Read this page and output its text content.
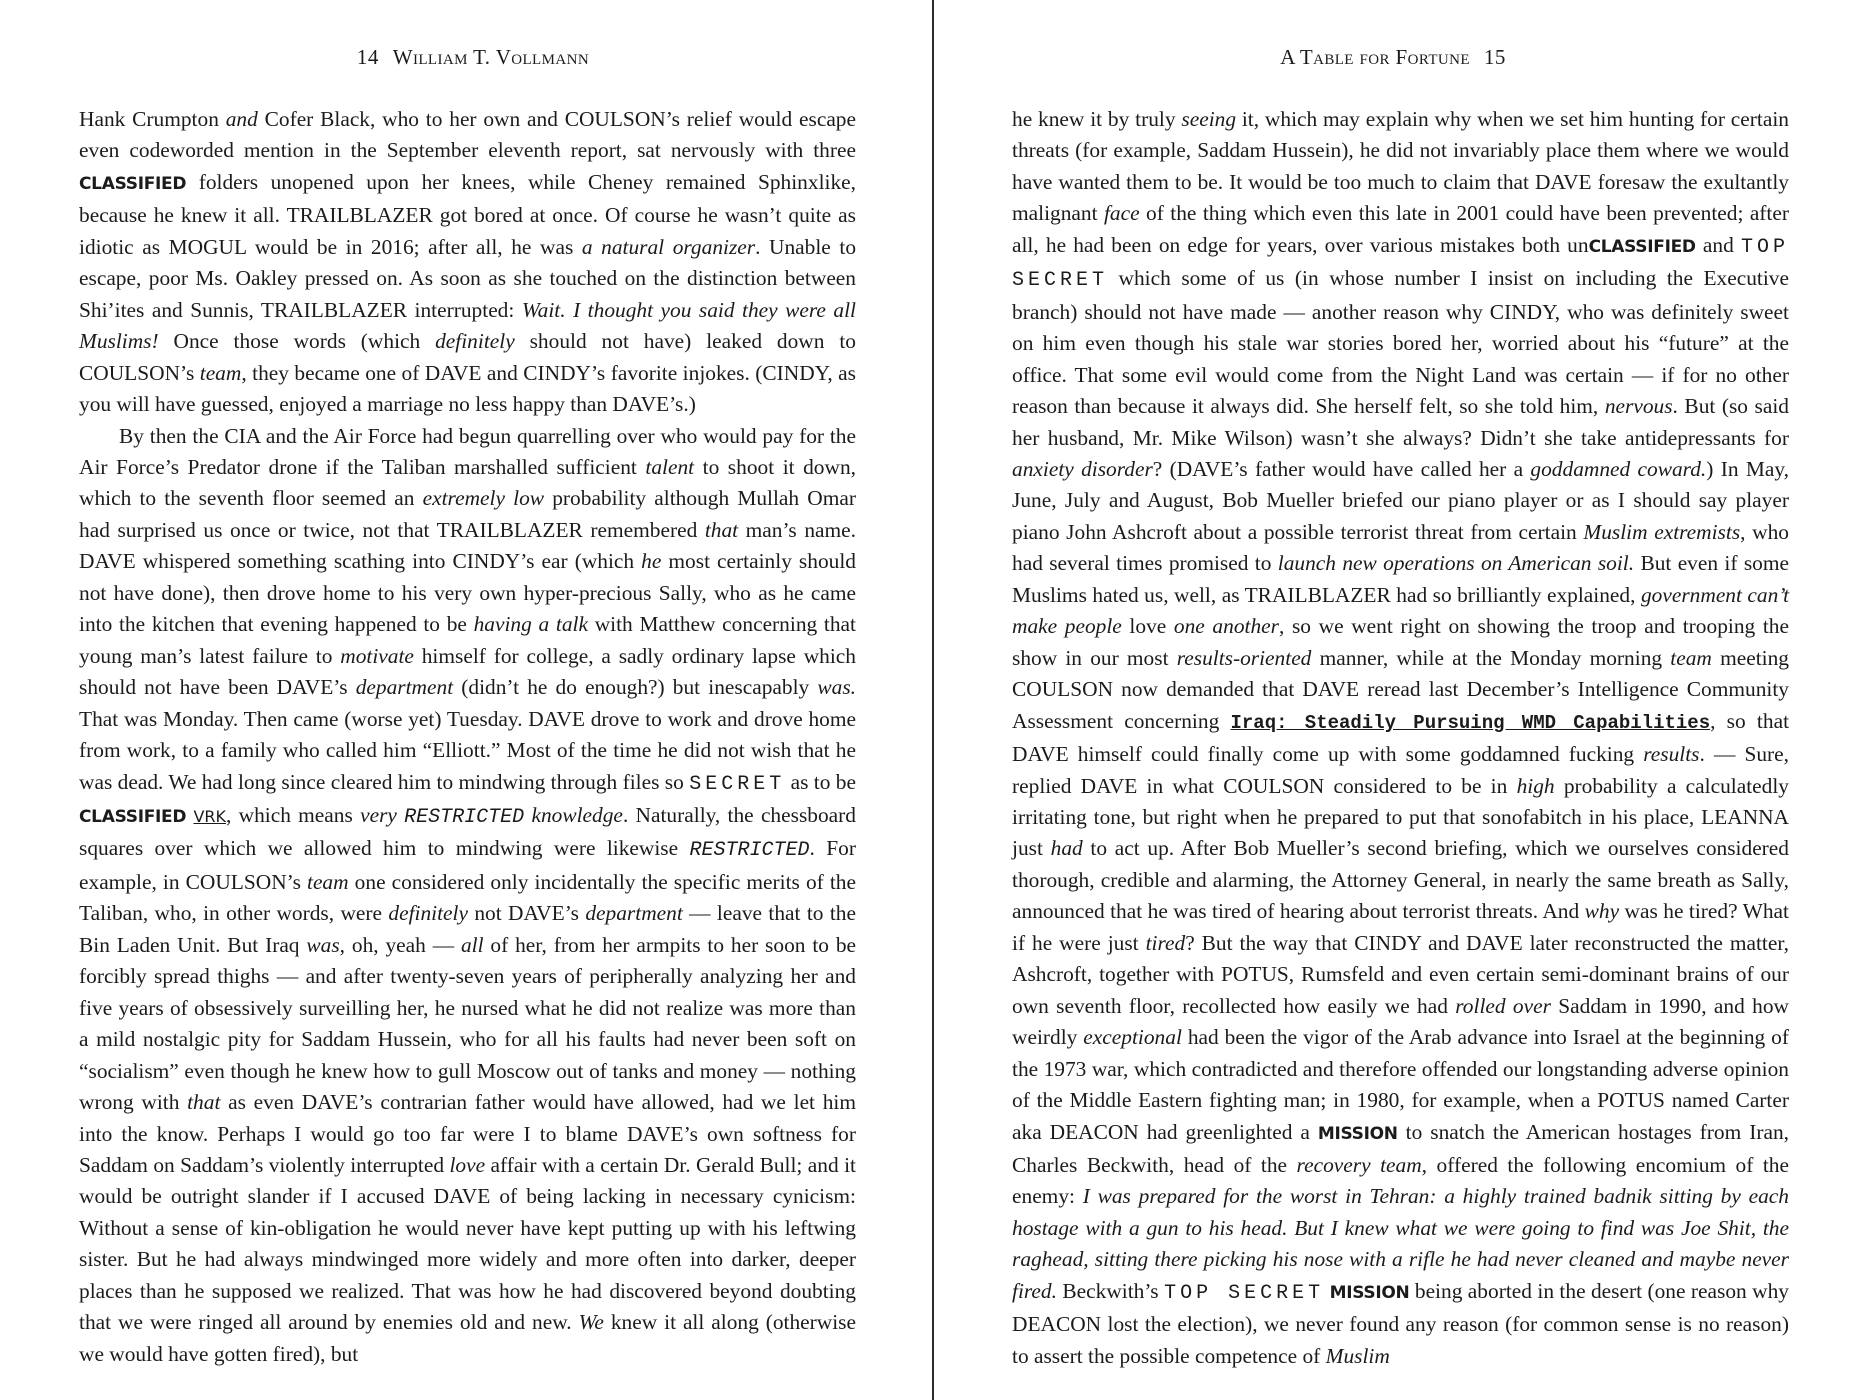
14 William T. Vollmann

Hank Crumpton and Cofer Black, who to her own and COULSON’s relief would escape even codeworded mention in the September eleventh report, sat nervously with three CLASSIFIED folders unopened upon her knees, while Cheney remained Sphinxlike, because he knew it all. TRAILBLAZER got bored at once. Of course he wasn’t quite as idiotic as MOGUL would be in 2016; after all, he was a natural organizer. Unable to escape, poor Ms. Oakley pressed on. As soon as she touched on the distinction between Shi’ites and Sunnis, TRAILBLAZER interrupted: Wait. I thought you said they were all Muslims! Once those words (which definitely should not have) leaked down to COULSON’s team, they became one of DAVE and CINDY’s favorite injokes. (CINDY, as you will have guessed, enjoyed a marriage no less happy than DAVE’s.)

By then the CIA and the Air Force had begun quarrelling over who would pay for the Air Force’s Predator drone if the Taliban marshalled sufficient talent to shoot it down, which to the seventh floor seemed an extremely low probability although Mullah Omar had surprised us once or twice, not that TRAILBLAZER remembered that man’s name. DAVE whispered something scathing into CINDY’s ear (which he most certainly should not have done), then drove home to his very own hyper-precious Sally, who as he came into the kitchen that evening happened to be having a talk with Matthew concerning that young man’s latest failure to motivate himself for college, a sadly ordinary lapse which should not have been DAVE’s department (didn’t he do enough?) but inescapably was. That was Monday. Then came (worse yet) Tuesday. DAVE drove to work and drove home from work, to a family who called him “Elliott.” Most of the time he did not wish that he was dead. We had long since cleared him to mindwing through files so SECRET as to be CLASSIFIED VRK, which means very RESTRICTED knowledge. Naturally, the chessboard squares over which we allowed him to mindwing were likewise RESTRICTED. For example, in COULSON’s team one considered only incidentally the specific merits of the Taliban, who, in other words, were definitely not DAVE’s department — leave that to the Bin Laden Unit. But Iraq was, oh, yeah — all of her, from her armpits to her soon to be forcibly spread thighs — and after twenty-seven years of peripherally analyzing her and five years of obsessively surveilling her, he nursed what he did not realize was more than a mild nostalgic pity for Saddam Hussein, who for all his faults had never been soft on “socialism” even though he knew how to gull Moscow out of tanks and money — nothing wrong with that as even DAVE’s contrarian father would have allowed, had we let him into the know. Perhaps I would go too far were I to blame DAVE’s own softness for Saddam on Saddam’s violently interrupted love affair with a certain Dr. Gerald Bull; and it would be outright slander if I accused DAVE of being lacking in necessary cynicism: Without a sense of kin-obligation he would never have kept putting up with his leftwing sister. But he had always mindwinged more widely and more often into darker, deeper places than he supposed we realized. That was how he had discovered beyond doubting that we were ringed all around by enemies old and new. We knew it all along (otherwise we would have gotten fired), but

A Table for Fortune 15

he knew it by truly seeing it, which may explain why when we set him hunting for certain threats (for example, Saddam Hussein), he did not invariably place them where we would have wanted them to be. It would be too much to claim that DAVE foresaw the exultantly malignant face of the thing which even this late in 2001 could have been prevented; after all, he had been on edge for years, over various mistakes both unCLASSIFIED and TOP SECRET which some of us (in whose number I insist on including the Executive branch) should not have made — another reason why CINDY, who was definitely sweet on him even though his stale war stories bored her, worried about his “future” at the office. That some evil would come from the Night Land was certain — if for no other reason than because it always did. She herself felt, so she told him, nervous. But (so said her husband, Mr. Mike Wilson) wasn’t she always? Didn’t she take antidepressants for anxiety disorder? (DAVE’s father would have called her a goddamned coward.) In May, June, July and August, Bob Mueller briefed our piano player or as I should say player piano John Ashcroft about a possible terrorist threat from certain Muslim extremists, who had several times promised to launch new operations on American soil. But even if some Muslims hated us, well, as TRAILBLAZER had so brilliantly explained, government can’t make people love one another, so we went right on showing the troop and trooping the show in our most results-oriented manner, while at the Monday morning team meeting COULSON now demanded that DAVE reread last December’s Intelligence Community Assessment concerning Iraq: Steadily Pursuing WMD Capabilities, so that DAVE himself could finally come up with some goddamned fucking results. — Sure, replied DAVE in what COULSON considered to be in high probability a calculatedly irritating tone, but right when he prepared to put that sonofabitch in his place, LEANNA just had to act up. After Bob Mueller’s second briefing, which we ourselves considered thorough, credible and alarming, the Attorney General, in nearly the same breath as Sally, announced that he was tired of hearing about terrorist threats. And why was he tired? What if he were just tired? But the way that CINDY and DAVE later reconstructed the matter, Ashcroft, together with POTUS, Rumsfeld and even certain semi-dominant brains of our own seventh floor, recollected how easily we had rolled over Saddam in 1990, and how weirdly exceptional had been the vigor of the Arab advance into Israel at the beginning of the 1973 war, which contradicted and therefore offended our longstanding adverse opinion of the Middle Eastern fighting man; in 1980, for example, when a POTUS named Carter aka DEACON had greenlighted a MISSION to snatch the American hostages from Iran, Charles Beckwith, head of the recovery team, offered the following encomium of the enemy: I was prepared for the worst in Tehran: a highly trained badnik sitting by each hostage with a gun to his head. But I knew what we were going to find was Joe Shit, the raghead, sitting there picking his nose with a rifle he had never cleaned and maybe never fired. Beckwith’s TOP SECRET MISSION being aborted in the desert (one reason why DEACON lost the election), we never found any reason (for common sense is no reason) to assert the possible competence of Muslim
